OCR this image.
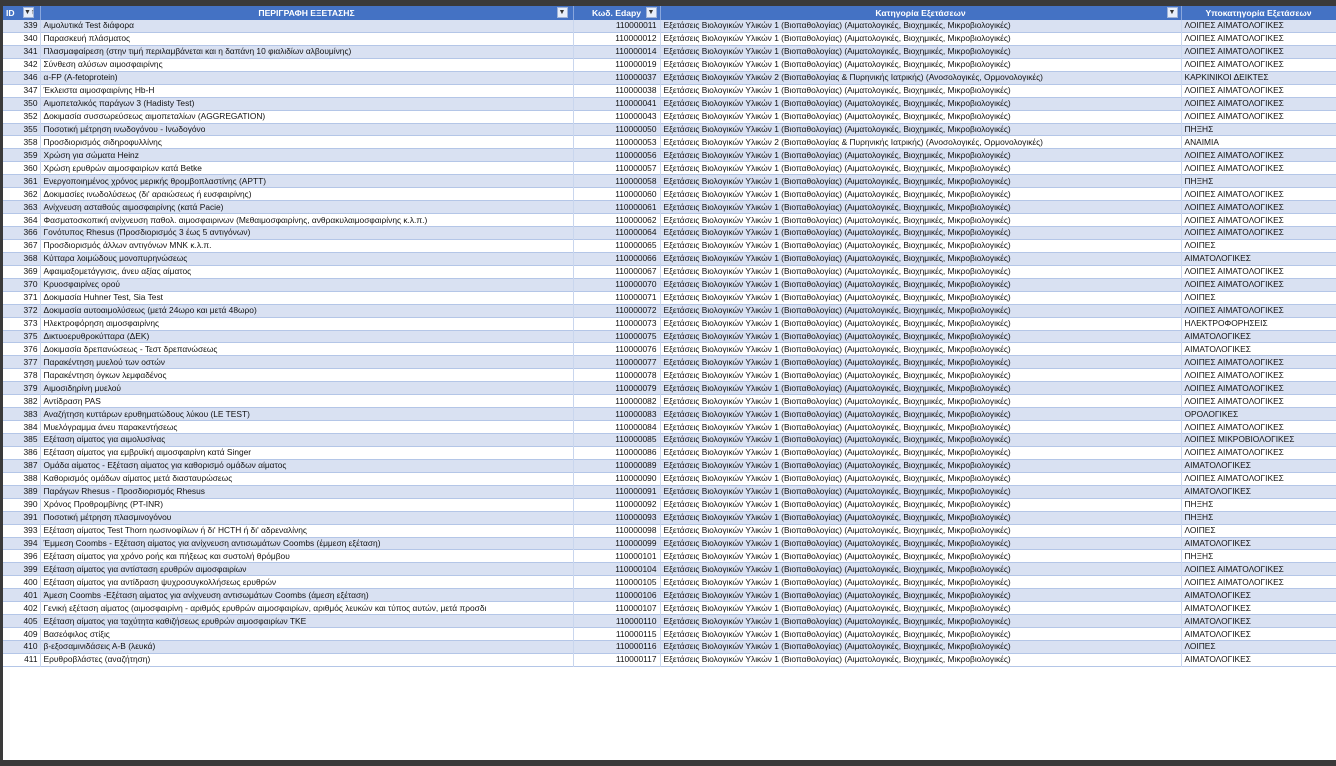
ID ▼↑	ΠΕΡΙΓΡΑΦΗ ΕΞΕΤΑΣΗΣ ▼	Κωδ. Edapy ▼	Κατηγορία Εξετάσεων ▼	Υποκατηγορία Εξετάσεων
339	Αιμολυτικά Test διάφορα	110000011	Εξετάσεις Βιολογικών Υλικών 1 (Βιοπαθολογίας) (Αιματολογικές, Βιοχημικές, Μικροβιολογικές)	ΛΟΙΠΕΣ ΑΙΜΑΤΟΛΟΓΙΚΕΣ
340	Παρασκευή πλάσματος	110000012	Εξετάσεις Βιολογικών Υλικών 1 (Βιοπαθολογίας) (Αιματολογικές, Βιοχημικές, Μικροβιολογικές)	ΛΟΙΠΕΣ ΑΙΜΑΤΟΛΟΓΙΚΕΣ
341	Πλασμαφαίρεση (στην τιμή περιλαμβάνεται και η δαπάνη 10 φιαλιδίων αλβουμίνης)	110000014	Εξετάσεις Βιολογικών Υλικών 1 (Βιοπαθολογίας) (Αιματολογικές, Βιοχημικές, Μικροβιολογικές)	ΛΟΙΠΕΣ ΑΙΜΑΤΟΛΟΓΙΚΕΣ
342	Σύνθεση αλύσων αιμοσφαιρίνης	110000019	Εξετάσεις Βιολογικών Υλικών 1 (Βιοπαθολογίας) (Αιματολογικές, Βιοχημικές, Μικροβιολογικές)	ΛΟΙΠΕΣ ΑΙΜΑΤΟΛΟΓΙΚΕΣ
346	α-FP (A-fetoprotein)	110000037	Εξετάσεις Βιολογικών Υλικών 2 (Βιοπαθολογίας & Πυρηνικής Ιατρικής) (Ανοσολογικές, Ορμονολογικές)	ΚΑΡΚΙΝΙΚΟΙ ΔΕΙΚΤΕΣ
347	Έκλειστα αιμοσφαιρίνης Hb-H	110000038	Εξετάσεις Βιολογικών Υλικών 1 (Βιοπαθολογίας) (Αιματολογικές, Βιοχημικές, Μικροβιολογικές)	ΛΟΙΠΕΣ ΑΙΜΑΤΟΛΟΓΙΚΕΣ
350	Αιμοπεταλικός παράγων 3 (Hadisty Test)	110000041	Εξετάσεις Βιολογικών Υλικών 1 (Βιοπαθολογίας) (Αιματολογικές, Βιοχημικές, Μικροβιολογικές)	ΛΟΙΠΕΣ ΑΙΜΑΤΟΛΟΓΙΚΕΣ
352	Δοκιμασία συσσωρεύσεως αιμοπεταλίων (AGGREGATION)	110000043	Εξετάσεις Βιολογικών Υλικών 1 (Βιοπαθολογίας) (Αιματολογικές, Βιοχημικές, Μικροβιολογικές)	ΛΟΙΠΕΣ ΑΙΜΑΤΟΛΟΓΙΚΕΣ
355	Ποσοτική μέτρηση ινωδογόνου - Ινωδογόνο	110000050	Εξετάσεις Βιολογικών Υλικών 1 (Βιοπαθολογίας) (Αιματολογικές, Βιοχημικές, Μικροβιολογικές)	ΠΗΞΗΣ
358	Προσδιορισμός σιδηροφυλλίνης	110000053	Εξετάσεις Βιολογικών Υλικών 2 (Βιοπαθολογίας & Πυρηνικής Ιατρικής) (Ανοσολογικές, Ορμονολογικές)	ΑΝΑΙΜΙΑ
359	Χρώση για σώματα Heinz	110000056	Εξετάσεις Βιολογικών Υλικών 1 (Βιοπαθολογίας) (Αιματολογικές, Βιοχημικές, Μικροβιολογικές)	ΛΟΙΠΕΣ ΑΙΜΑΤΟΛΟΓΙΚΕΣ
360	Χρώση ερυθρών αιμοσφαιρίων κατά Betke	110000057	Εξετάσεις Βιολογικών Υλικών 1 (Βιοπαθολογίας) (Αιματολογικές, Βιοχημικές, Μικροβιολογικές)	ΛΟΙΠΕΣ ΑΙΜΑΤΟΛΟΓΙΚΕΣ
361	Ενεργοποιημένος χρόνος μερικής θρομβοπλαστίνης (APTT)	110000058	Εξετάσεις Βιολογικών Υλικών 1 (Βιοπαθολογίας) (Αιματολογικές, Βιοχημικές, Μικροβιολογικές)	ΠΗΞΗΣ
362	Δοκιμασίες ινωδολύσεως (δι' αραιώσεως ή ευσφαιρίνης)	110000060	Εξετάσεις Βιολογικών Υλικών 1 (Βιοπαθολογίας) (Αιματολογικές, Βιοχημικές, Μικροβιολογικές)	ΛΟΙΠΕΣ ΑΙΜΑΤΟΛΟΓΙΚΕΣ
363	Ανίχνευση ασταθούς αιμοσφαιρίνης (κατά Pacie)	110000061	Εξετάσεις Βιολογικών Υλικών 1 (Βιοπαθολογίας) (Αιματολογικές, Βιοχημικές, Μικροβιολογικές)	ΛΟΙΠΕΣ ΑΙΜΑΤΟΛΟΓΙΚΕΣ
364	Φασματοσκοπική ανίχνευση παθολ. αιμοσφαιρινων (Μεθαιμοσφαιρίνης, ανθρακυλαιμοσφαιρίνης κ.λ.π.)	110000062	Εξετάσεις Βιολογικών Υλικών 1 (Βιοπαθολογίας) (Αιματολογικές, Βιοχημικές, Μικροβιολογικές)	ΛΟΙΠΕΣ ΑΙΜΑΤΟΛΟΓΙΚΕΣ
366	Γονότυπος Rhesus (Προσδιορισμός 3 έως 5 αντιγόνων)	110000064	Εξετάσεις Βιολογικών Υλικών 1 (Βιοπαθολογίας) (Αιματολογικές, Βιοχημικές, Μικροβιολογικές)	ΛΟΙΠΕΣ ΑΙΜΑΤΟΛΟΓΙΚΕΣ
367	Προσδιορισμός άλλων αντιγόνων MNK κ.λ.π.	110000065	Εξετάσεις Βιολογικών Υλικών 1 (Βιοπαθολογίας) (Αιματολογικές, Βιοχημικές, Μικροβιολογικές)	ΛΟΙΠΕΣ
368	Κύτταρα λοιμώδους μονοπυρηνώσεως	110000066	Εξετάσεις Βιολογικών Υλικών 1 (Βιοπαθολογίας) (Αιματολογικές, Βιοχημικές, Μικροβιολογικές)	ΑΙΜΑΤΟΛΟΓΙΚΕΣ
369	Αφαιμαξομετάγγισις, άνευ αξίας αίματος	110000067	Εξετάσεις Βιολογικών Υλικών 1 (Βιοπαθολογίας) (Αιματολογικές, Βιοχημικές, Μικροβιολογικές)	ΛΟΙΠΕΣ ΑΙΜΑΤΟΛΟΓΙΚΕΣ
370	Κρυοσφαιρίνες ορού	110000070	Εξετάσεις Βιολογικών Υλικών 1 (Βιοπαθολογίας) (Αιματολογικές, Βιοχημικές, Μικροβιολογικές)	ΛΟΙΠΕΣ ΑΙΜΑΤΟΛΟΓΙΚΕΣ
371	Δοκιμασία Huhner Test, Sia Test	110000071	Εξετάσεις Βιολογικών Υλικών 1 (Βιοπαθολογίας) (Αιματολογικές, Βιοχημικές, Μικροβιολογικές)	ΛΟΙΠΕΣ
372	Δοκιμασία αυτοαιμολύσεως (μετά 24ωρο και μετά 48ωρο)	110000072	Εξετάσεις Βιολογικών Υλικών 1 (Βιοπαθολογίας) (Αιματολογικές, Βιοχημικές, Μικροβιολογικές)	ΛΟΙΠΕΣ ΑΙΜΑΤΟΛΟΓΙΚΕΣ
373	Ηλεκτροφόρηση αιμοσφαιρίνης	110000073	Εξετάσεις Βιολογικών Υλικών 1 (Βιοπαθολογίας) (Αιματολογικές, Βιοχημικές, Μικροβιολογικές)	ΗΛΕΚΤΡΟΦΟΡΗΣΕΙΣ
375	Δικτυοερυθροκύτταρα (ΔΕΚ)	110000075	Εξετάσεις Βιολογικών Υλικών 1 (Βιοπαθολογίας) (Αιματολογικές, Βιοχημικές, Μικροβιολογικές)	ΑΙΜΑΤΟΛΟΓΙΚΕΣ
376	Δοκιμασία δρεπανώσεως - Τεστ δρεπανώσεως	110000076	Εξετάσεις Βιολογικών Υλικών 1 (Βιοπαθολογίας) (Αιματολογικές, Βιοχημικές, Μικροβιολογικές)	ΑΙΜΑΤΟΛΟΓΙΚΕΣ
377	Παρακέντηση μυελού των οστών	110000077	Εξετάσεις Βιολογικών Υλικών 1 (Βιοπαθολογίας) (Αιματολογικές, Βιοχημικές, Μικροβιολογικές)	ΛΟΙΠΕΣ ΑΙΜΑΤΟΛΟΓΙΚΕΣ
378	Παρακέντηση όγκων λεμφαδένος	110000078	Εξετάσεις Βιολογικών Υλικών 1 (Βιοπαθολογίας) (Αιματολογικές, Βιοχημικές, Μικροβιολογικές)	ΛΟΙΠΕΣ ΑΙΜΑΤΟΛΟΓΙΚΕΣ
379	Αιμοσιδηρίνη μυελού	110000079	Εξετάσεις Βιολογικών Υλικών 1 (Βιοπαθολογίας) (Αιματολογικές, Βιοχημικές, Μικροβιολογικές)	ΛΟΙΠΕΣ ΑΙΜΑΤΟΛΟΓΙΚΕΣ
382	Αντίδραση PAS	110000082	Εξετάσεις Βιολογικών Υλικών 1 (Βιοπαθολογίας) (Αιματολογικές, Βιοχημικές, Μικροβιολογικές)	ΛΟΙΠΕΣ ΑΙΜΑΤΟΛΟΓΙΚΕΣ
383	Αναζήτηση κυττάρων ερυθηματώδους λύκου (LE TEST)	110000083	Εξετάσεις Βιολογικών Υλικών 1 (Βιοπαθολογίας) (Αιματολογικές, Βιοχημικές, Μικροβιολογικές)	ΟΡΟΛΟΓΙΚΕΣ
384	Μυελόγραμμα άνευ παρακεντήσεως	110000084	Εξετάσεις Βιολογικών Υλικών 1 (Βιοπαθολογίας) (Αιματολογικές, Βιοχημικές, Μικροβιολογικές)	ΛΟΙΠΕΣ ΑΙΜΑΤΟΛΟΓΙΚΕΣ
385	Εξέταση αίματος για αιμολυσίνας	110000085	Εξετάσεις Βιολογικών Υλικών 1 (Βιοπαθολογίας) (Αιματολογικές, Βιοχημικές, Μικροβιολογικές)	ΛΟΙΠΕΣ ΜΙΚΡΟΒΙΟΛΟΓΙΚΕΣ
386	Εξέταση αίματος για εμβρυϊκή αιμοσφαιρίνη κατά Singer	110000086	Εξετάσεις Βιολογικών Υλικών 1 (Βιοπαθολογίας) (Αιματολογικές, Βιοχημικές, Μικροβιολογικές)	ΛΟΙΠΕΣ ΑΙΜΑΤΟΛΟΓΙΚΕΣ
387	Ομάδα αίματος - Εξέταση αίματος για καθορισμό ομάδων αίματος	110000089	Εξετάσεις Βιολογικών Υλικών 1 (Βιοπαθολογίας) (Αιματολογικές, Βιοχημικές, Μικροβιολογικές)	ΑΙΜΑΤΟΛΟΓΙΚΕΣ
388	Καθορισμός ομάδων αίματος μετά διασταυρώσεως	110000090	Εξετάσεις Βιολογικών Υλικών 1 (Βιοπαθολογίας) (Αιματολογικές, Βιοχημικές, Μικροβιολογικές)	ΛΟΙΠΕΣ ΑΙΜΑΤΟΛΟΓΙΚΕΣ
389	Παράγων Rhesus - Προσδιορισμός Rhesus	110000091	Εξετάσεις Βιολογικών Υλικών 1 (Βιοπαθολογίας) (Αιματολογικές, Βιοχημικές, Μικροβιολογικές)	ΑΙΜΑΤΟΛΟΓΙΚΕΣ
390	Χρόνος Προθρομβίνης (PT-INR)	110000092	Εξετάσεις Βιολογικών Υλικών 1 (Βιοπαθολογίας) (Αιματολογικές, Βιοχημικές, Μικροβιολογικές)	ΠΗΞΗΣ
391	Ποσοτική μέτρηση πλασμινογόνου	110000093	Εξετάσεις Βιολογικών Υλικών 1 (Βιοπαθολογίας) (Αιματολογικές, Βιοχημικές, Μικροβιολογικές)	ΠΗΞΗΣ
393	Εξέταση αίματος Test Thorn ηωσινοφίλων ή δι' HCTH ή δι' αδρεναλίνης	110000098	Εξετάσεις Βιολογικών Υλικών 1 (Βιοπαθολογίας) (Αιματολογικές, Βιοχημικές, Μικροβιολογικές)	ΛΟΙΠΕΣ
394	Έμμεση Coombs - Εξέταση αίματος για ανίχνευση αντισωμάτων Coombs (έμμεση εξέταση)	110000099	Εξετάσεις Βιολογικών Υλικών 1 (Βιοπαθολογίας) (Αιματολογικές, Βιοχημικές, Μικροβιολογικές)	ΑΙΜΑΤΟΛΟΓΙΚΕΣ
396	Εξέταση αίματος για χρόνο ροής και πήξεως και συστολή θρόμβου	110000101	Εξετάσεις Βιολογικών Υλικών 1 (Βιοπαθολογίας) (Αιματολογικές, Βιοχημικές, Μικροβιολογικές)	ΠΗΞΗΣ
399	Εξέταση αίματος για αντίσταση ερυθρών αιμοσφαιρίων	110000104	Εξετάσεις Βιολογικών Υλικών 1 (Βιοπαθολογίας) (Αιματολογικές, Βιοχημικές, Μικροβιολογικές)	ΛΟΙΠΕΣ ΑΙΜΑΤΟΛΟΓΙΚΕΣ
400	Εξέταση αίματος για αντίδραση ψυχροσυγκολλήσεως ερυθρών	110000105	Εξετάσεις Βιολογικών Υλικών 1 (Βιοπαθολογίας) (Αιματολογικές, Βιοχημικές, Μικροβιολογικές)	ΛΟΙΠΕΣ ΑΙΜΑΤΟΛΟΓΙΚΕΣ
401	Άμεση Coombs -Εξέταση αίματος για ανίχνευση αντισωμάτων Coombs (άμεση εξέταση)	110000106	Εξετάσεις Βιολογικών Υλικών 1 (Βιοπαθολογίας) (Αιματολογικές, Βιοχημικές, Μικροβιολογικές)	ΑΙΜΑΤΟΛΟΓΙΚΕΣ
402	Γενική εξέταση αίματος (αιμοσφαιρίνη - αριθμός ερυθρών αιμοσφαιρίων, αριθμός λευκών και τύπος αυτών, μετά προσδι	110000107	Εξετάσεις Βιολογικών Υλικών 1 (Βιοπαθολογίας) (Αιματολογικές, Βιοχημικές, Μικροβιολογικές)	ΑΙΜΑΤΟΛΟΓΙΚΕΣ
405	Εξέταση αίματος για ταχύτητα καθιζήσεως ερυθρών αιμοσφαιρίων ΤΚΕ	110000110	Εξετάσεις Βιολογικών Υλικών 1 (Βιοπαθολογίας) (Αιματολογικές, Βιοχημικές, Μικροβιολογικές)	ΑΙΜΑΤΟΛΟΓΙΚΕΣ
409	Βασεόφιλος στίξις	110000115	Εξετάσεις Βιολογικών Υλικών 1 (Βιοπαθολογίας) (Αιματολογικές, Βιοχημικές, Μικροβιολογικές)	ΑΙΜΑΤΟΛΟΓΙΚΕΣ
410	β-εξοσαμινιδάσεις Α-Β (λευκά)	110000116	Εξετάσεις Βιολογικών Υλικών 1 (Βιοπαθολογίας) (Αιματολογικές, Βιοχημικές, Μικροβιολογικές)	ΛΟΙΠΕΣ
411	Ερυθροβλάστες (αναζήτηση)	110000117	Εξετάσεις Βιολογικών Υλικών 1 (Βιοπαθολογίας) (Αιματολογικές, Βιοχημικές, Μικροβιολογικές)	ΑΙΜΑΤΟΛΟΓΙΚΕΣ
